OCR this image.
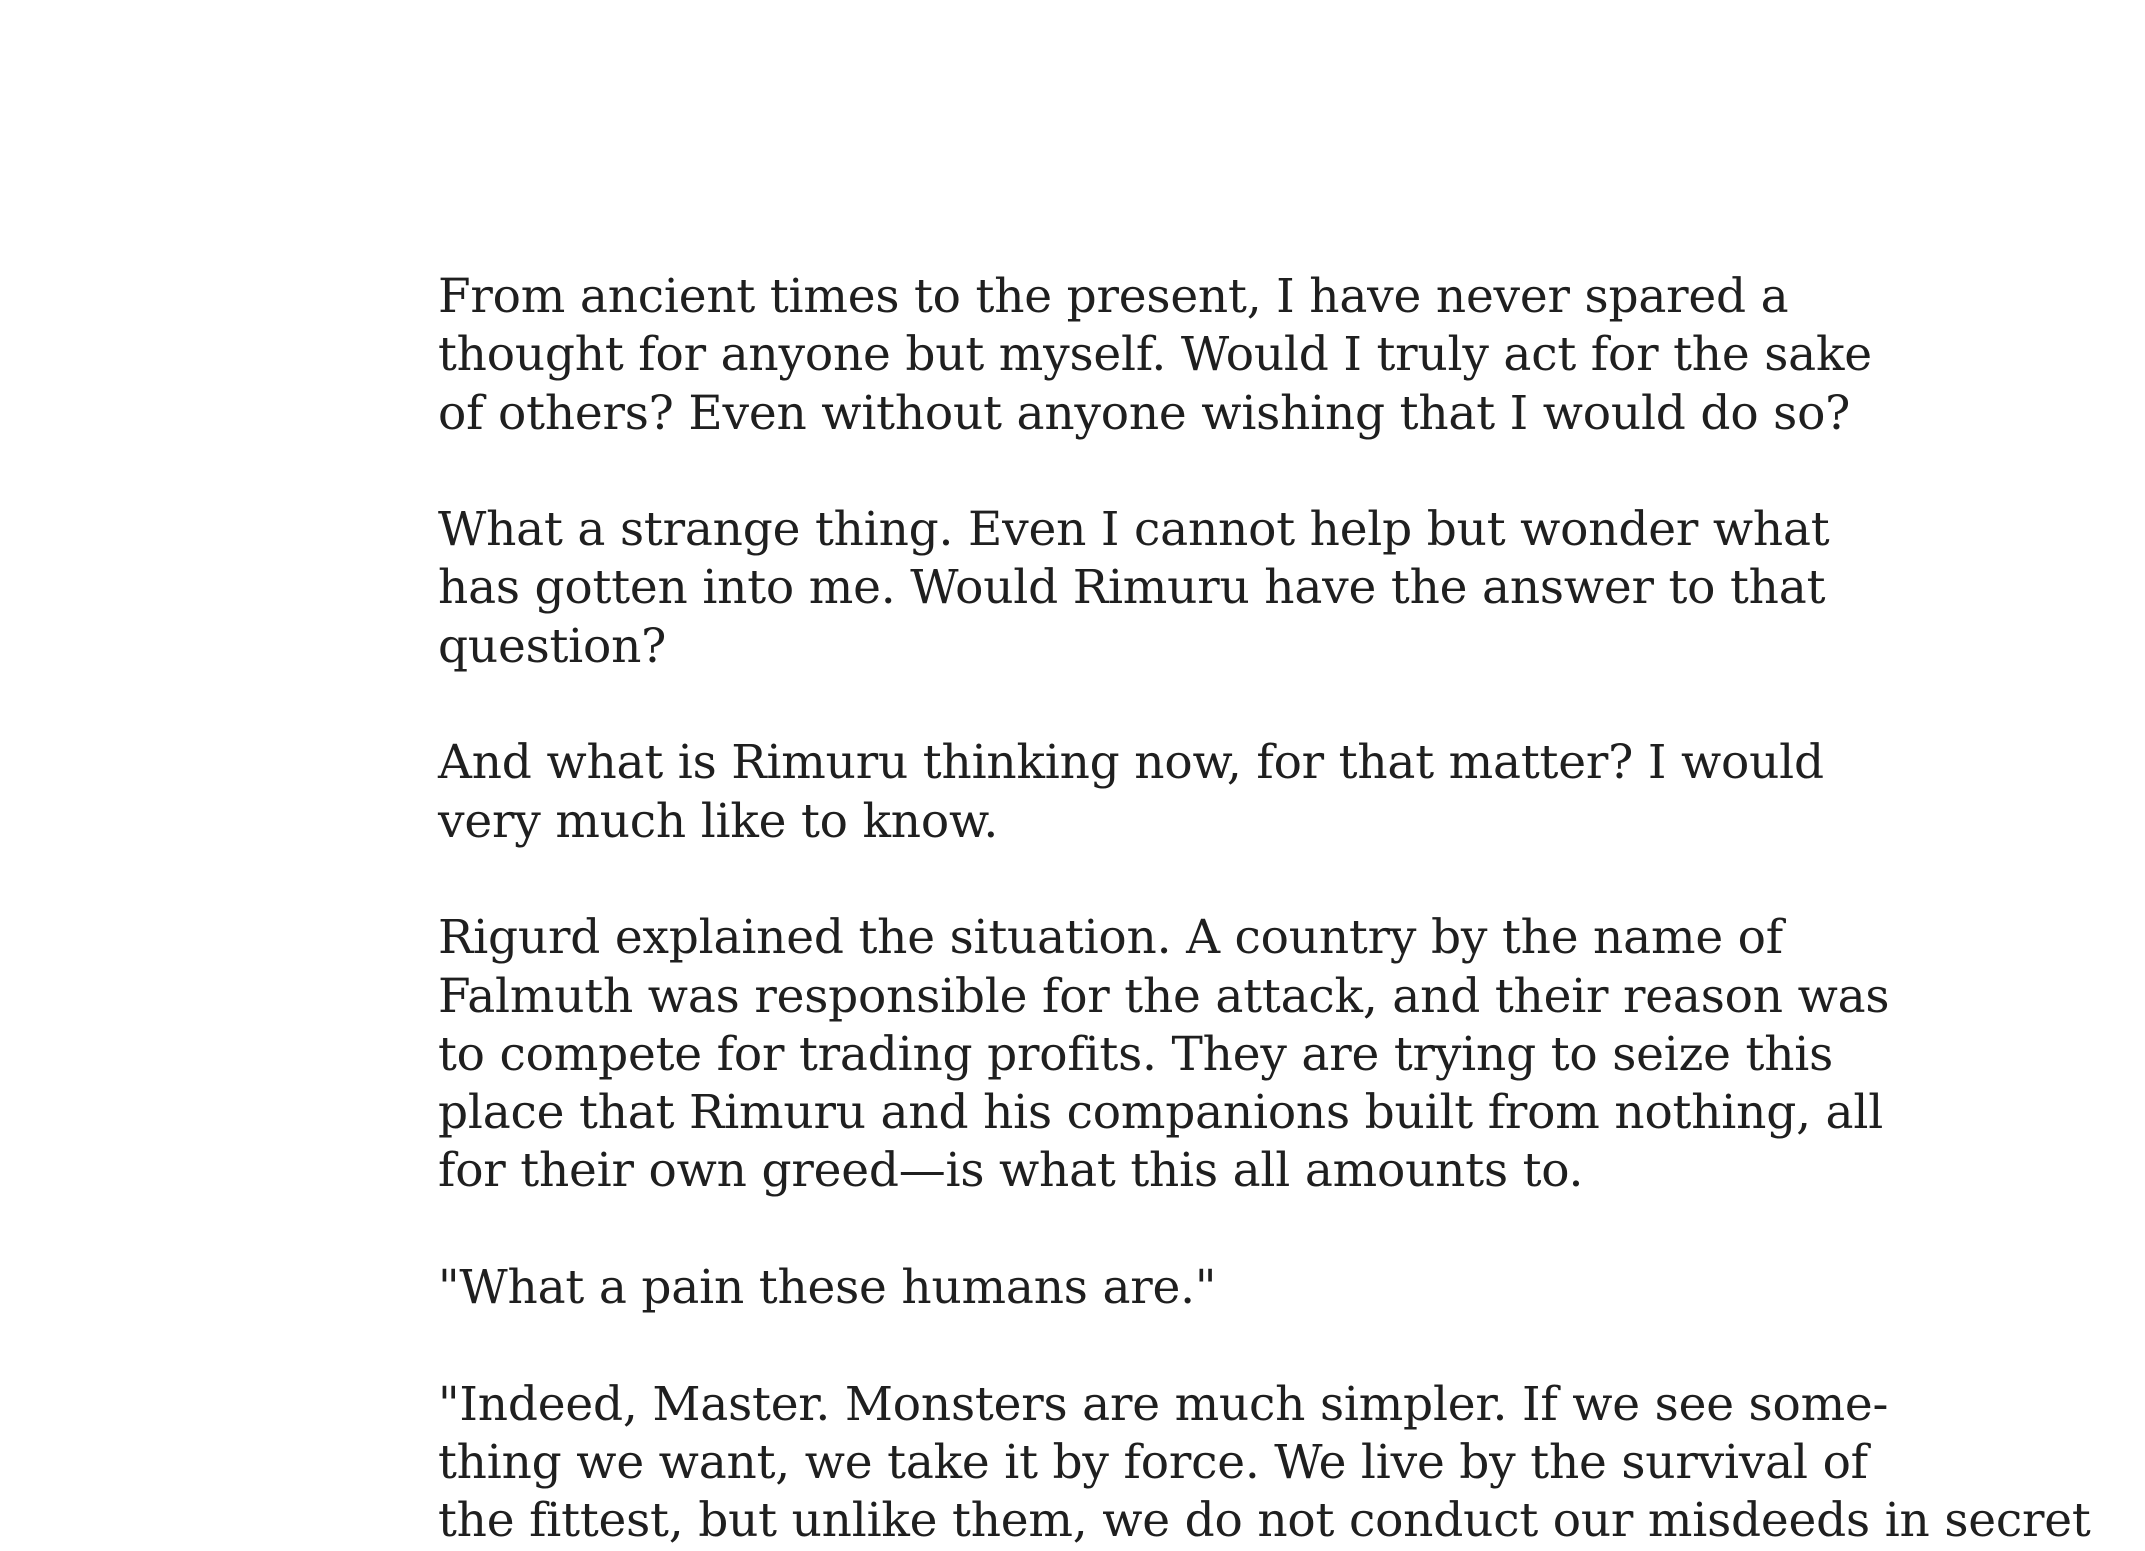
From ancient times to the present, I have never spared a
thought for anyone but myself. Would I truly act for the sake
of others? Even without anyone wishing that I would do so?
What a strange thing. Even I cannot help but wonder what
has gotten into me. Would Rimuru have the answer to that
question?
And what is Rimuru thinking now, for that matter? I would
very much like to know.
Rigurd explained the situation. A country by the name of
Falmuth was responsible for the attack, and their reason was
to compete for trading profits. They are trying to seize this
place that Rimuru and his companions built from nothing, all
for their own greed—is what this all amounts to.
"What a pain these humans are."
"Indeed, Master. Monsters are much simpler. If we see some-
thing we want, we take it by force. We live by the survival of
the fittest, but unlike them, we do not conduct our misdeeds in secret
